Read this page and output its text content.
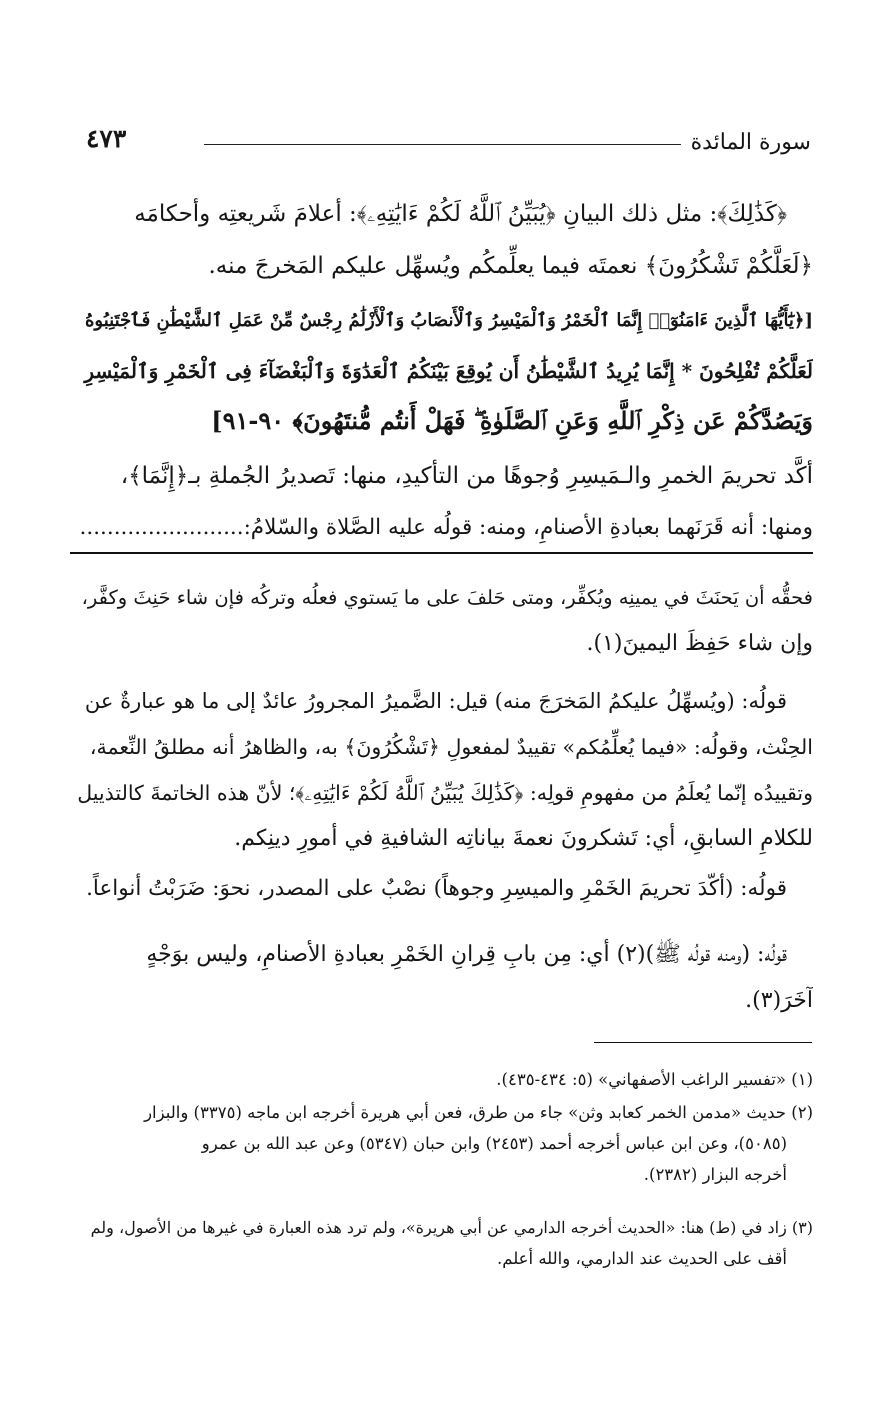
٤٧٣	سورة المائدة
﴿كَذَٰلِكَ﴾: مثل ذلك البيانِ ﴿يُبَيِّنُ ٱللَّهُ لَكُمْ ءَايَٰتِهِۦ﴾: أعلامَ شَريعتِه وأحكامَه
﴿لَعَلَّكُمْ تَشْكُرُونَ﴾ نعمتَه فيما يعلِّمكُم ويُسهِّل عليكم المَخرجَ منه.
[﴿يَٰٓأَيُّهَا ٱلَّذِينَ ءَامَنُوٓا۟ إِنَّمَا ٱلْخَمْرُ وَٱلْمَيْسِرُ وَٱلْأَنصَابُ وَٱلْأَزْلَٰمُ رِجْسٌ مِّنْ عَمَلِ ٱلشَّيْطَٰنِ فَٱجْتَنِبُوهُ
لَعَلَّكُمْ تُفْلِحُونَ * إِنَّمَا يُرِيدُ ٱلشَّيْطَٰنُ أَن يُوقِعَ بَيْنَكُمُ ٱلْعَدَٰوَةَ وَٱلْبَغْضَآءَ فِى ٱلْخَمْرِ وَٱلْمَيْسِرِ
وَيَصُدَّكُمْ عَن ذِكْرِ ٱللَّهِ وَعَنِ ٱلصَّلَوٰةِ ۖ فَهَلْ أَنتُم مُّنتَهُونَ﴾ ٩٠-٩١]
أكَّد تحريمَ الخمرِ والـمَيسِرِ وُجوهًا من التأكيدِ، منها: تَصديرُ الجُملةِ بـ﴿إِنَّمَا﴾،
ومنها: أنه قَرَنَهما بعبادةِ الأصنامِ، ومنه: قولُه عليه الصَّلاة والسّلامُ:........................
فحقُّه أن يَحنَثَ في يمينِه ويُكفِّر، ومتى حَلفَ على ما يَستوي فعلُه وتركُه فإن شاء حَنِثَ وكفَّر،
وإن شاء حَفِظَ اليمينَ(١).
قولُه: (ويُسهِّلُ عليكمُ المَخرَجَ منه) قيل: الضَّميرُ المجرورُ عائدٌ إلى ما هو عبارةٌ عن
الحِنْث، وقولُه: «فيما يُعلِّمُكم» تقييدٌ لمفعولِ ﴿تَشْكُرُونَ﴾ به، والظاهرُ أنه مطلقُ النِّعمة،
وتقييدُه إنّما يُعلَمُ من مفهومِ قولِه: ﴿كَذَٰلِكَ يُبَيِّنُ ٱللَّهُ لَكُمْ ءَايَٰتِهِۦ﴾؛ لأنّ هذه الخاتمةَ كالتذييل
للكلامِ السابقِ، أي: تَشكرونَ نعمةَ بياناتِه الشافيةِ في أمورِ دينِكم.
قولُه: (أكّدَ تحريمَ الخَمْرِ والميسِرِ وجوهاً) نصْبٌ على المصدر، نحوَ: ضَرَبْتُ أنواعاً.
قولُه: (ومنه قولُه ﷺ)(٢) أي: مِن بابِ قِرانِ الخَمْرِ بعبادةِ الأصنامِ، وليس بوَجْهٍ
آخَرَ(٣).
(١) «تفسير الراغب الأصفهاني» (٥: ٤٣٤-٤٣٥).
(٢) حديث «مدمن الخمر كعابد وثن» جاء من طرق، فعن أبي هريرة أخرجه ابن ماجه (٣٣٧٥) والبزار
(٥٠٨٥)، وعن ابن عباس أخرجه أحمد (٢٤٥٣) وابن حبان (٥٣٤٧) وعن عبد الله بن عمرو
أخرجه البزار (٢٣٨٢).
(٣) زاد في (ط) هنا: «الحديث أخرجه الدارمي عن أبي هريرة»، ولم ترد هذه العبارة في غيرها من الأصول، ولم
أقف على الحديث عند الدارمي، والله أعلم.
